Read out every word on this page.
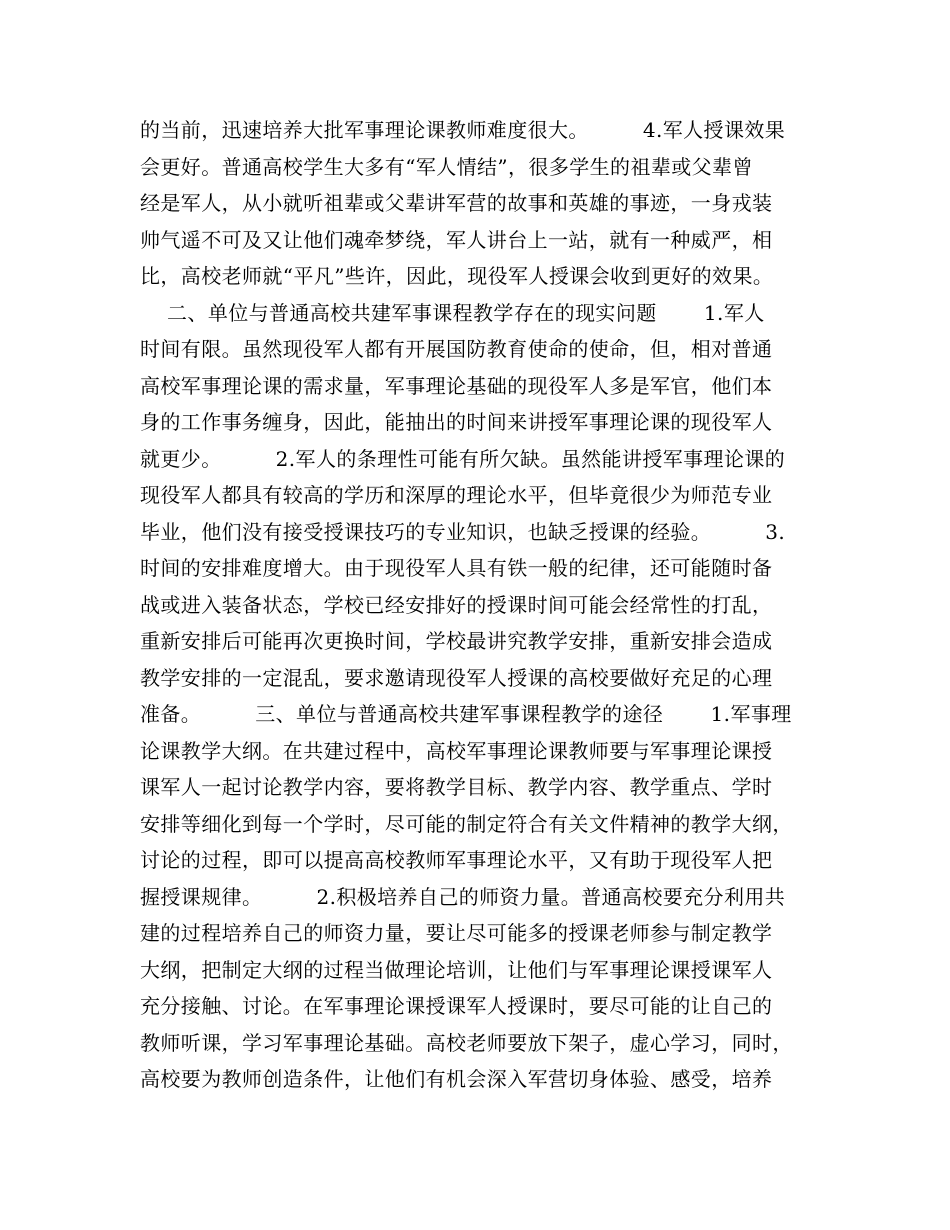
的当前，迅速培养大批军事理论课教师难度很大。        4.军人授课效果
会更好。普通高校学生大多有“军人情结”，很多学生的祖辈或父辈曾
经是军人，从小就听祖辈或父辈讲军营的故事和英雄的事迹，一身戎装
帅气遥不可及又让他们魂牵梦绕，军人讲台上一站，就有一种威严，相
比，高校老师就“平凡”些许，因此，现役军人授课会收到更好的效果。
二、单位与普通高校共建军事课程教学存在的现实问题       1.军人
时间有限。虽然现役军人都有开展国防教育使命的使命，但，相对普通
高校军事理论课的需求量，军事理论基础的现役军人多是军官，他们本
身的工作事务缠身，因此，能抽出的时间来讲授军事理论课的现役军人
就更少。        2.军人的条理性可能有所欠缺。虽然能讲授军事理论课的
现役军人都具有较高的学历和深厚的理论水平，但毕竟很少为师范专业
毕业，他们没有接受授课技巧的专业知识，也缺乏授课的经验。        3.
时间的安排难度增大。由于现役军人具有铁一般的纪律，还可能随时备
战或进入装备状态，学校已经安排好的授课时间可能会经常性的打乱，
重新安排后可能再次更换时间，学校最讲究教学安排，重新安排会造成
教学安排的一定混乱，要求邀请现役军人授课的高校要做好充足的心理
准备。        三、单位与普通高校共建军事课程教学的途径       1.军事理
论课教学大纲。在共建过程中，高校军事理论课教师要与军事理论课授
课军人一起讨论教学内容，要将教学目标、教学内容、教学重点、学时
安排等细化到每一个学时，尽可能的制定符合有关文件精神的教学大纲，
讨论的过程，即可以提高高校教师军事理论水平，又有助于现役军人把
握授课规律。        2.积极培养自己的师资力量。普通高校要充分利用共
建的过程培养自己的师资力量，要让尽可能多的授课老师参与制定教学
大纲，把制定大纲的过程当做理论培训，让他们与军事理论课授课军人
充分接触、讨论。在军事理论课授课军人授课时，要尽可能的让自己的
教师听课，学习军事理论基础。高校老师要放下架子，虚心学习，同时，
高校要为教师创造条件，让他们有机会深入军营切身体验、感受，培养
